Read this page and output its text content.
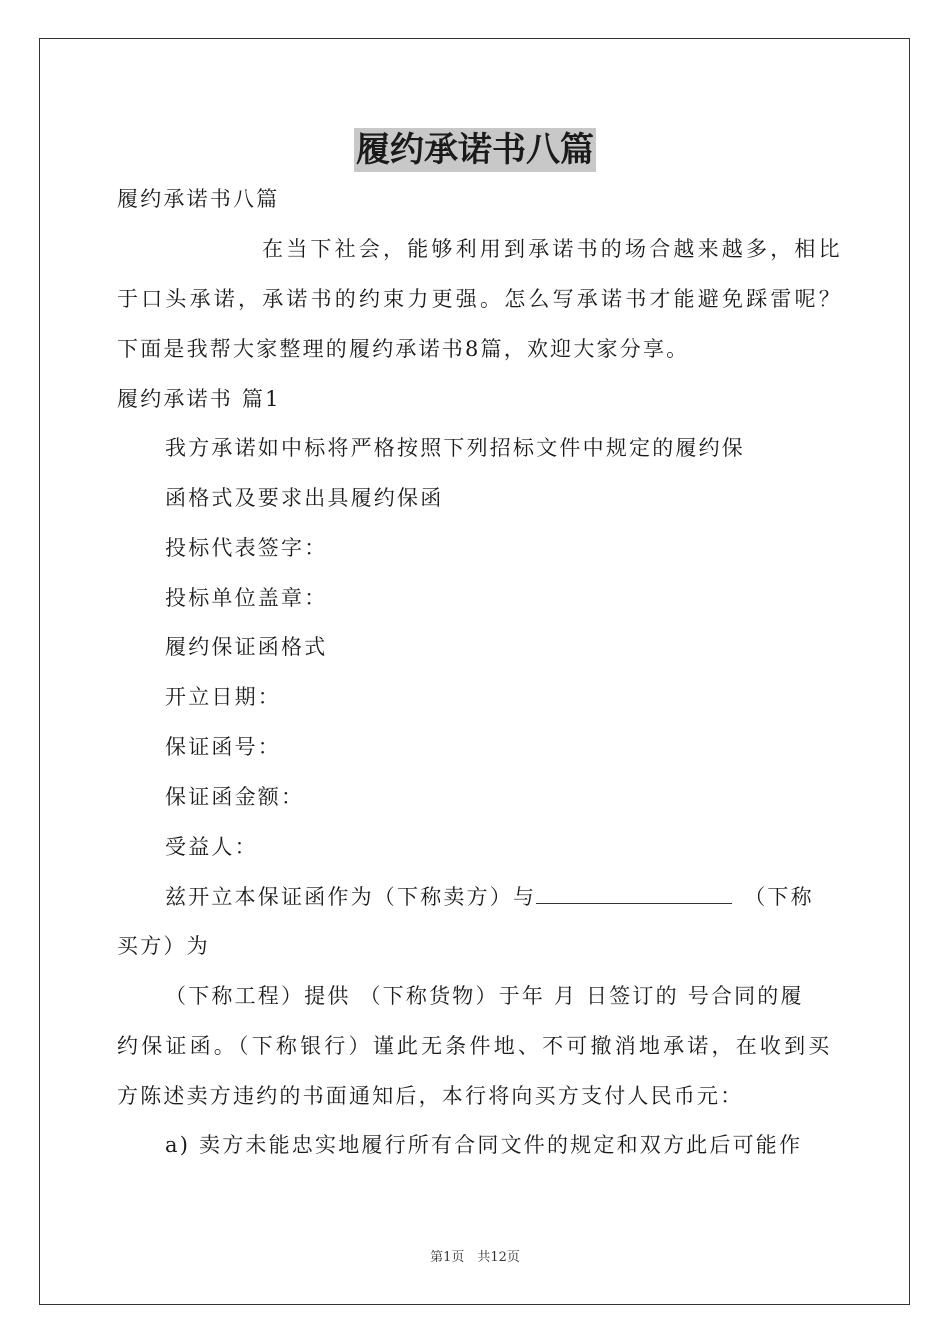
履约承诺书八篇
履约承诺书八篇
在当下社会，能够利用到承诺书的场合越来越多，相比
于口头承诺，承诺书的约束力更强。怎么写承诺书才能避免踩雷呢？
下面是我帮大家整理的履约承诺书8篇，欢迎大家分享。
履约承诺书 篇1
我方承诺如中标将严格按照下列招标文件中规定的履约保
函格式及要求出具履约保函
投标代表签字：
投标单位盖章：
履约保证函格式
开立日期：
保证函号：
保证函金额：
受益人：
兹开立本保证函作为（下称卖方）与	（下称
买方）为
（下称工程）提供 （下称货物）于年 月 日签订的 号合同的履
约保证函。（下称银行）谨此无条件地、不可撤消地承诺，在收到买
方陈述卖方违约的书面通知后，本行将向买方支付人民币元：
a) 卖方未能忠实地履行所有合同文件的规定和双方此后可能作
第1页　共12页
